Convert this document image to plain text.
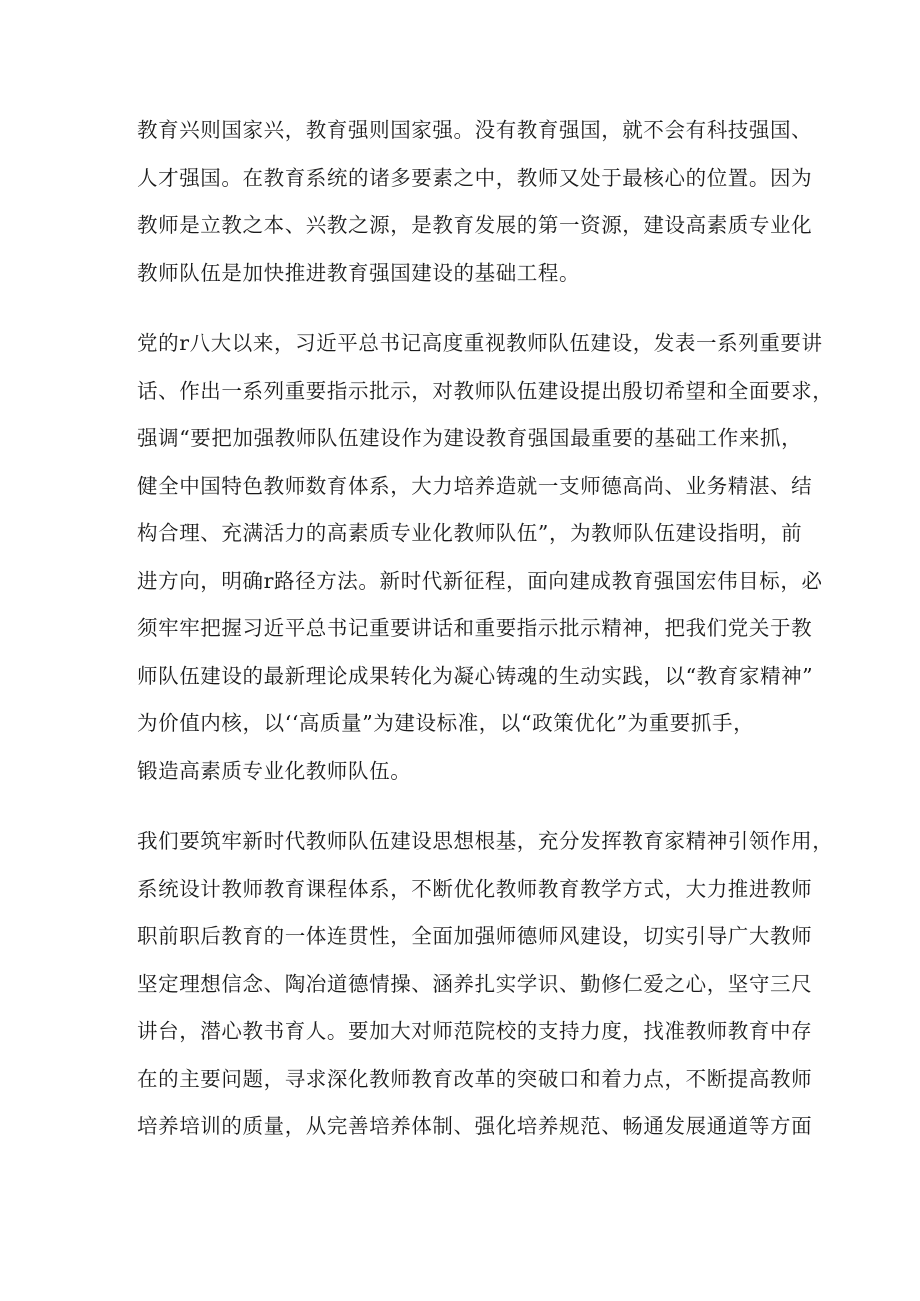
教育兴则国家兴，教育强则国家强。没有教育强国，就不会有科技强国、
人才强国。在教育系统的诸多要素之中，教师又处于最核心的位置。因为
教师是立教之本、兴教之源，是教育发展的第一资源，建设高素质专业化
教师队伍是加快推进教育强国建设的基础工程。
党的r八大以来，习近平总书记高度重视教师队伍建设，发表一系列重要讲
话、作出一系列重要指示批示，对教师队伍建设提出殷切希望和全面要求，
强调“要把加强教师队伍建设作为建设教育强国最重要的基础工作来抓，
健全中国特色教师数育体系，大力培养造就一支师德高尚、业务精湛、结
构合理、充满活力的高素质专业化教师队伍”，为教师队伍建设指明，前
进方向，明确r路径方法。新时代新征程，面向建成教育强国宏伟目标，必
须牢牢把握习近平总书记重要讲话和重要指示批示精神，把我们党关于教
师队伍建设的最新理论成果转化为凝心铸魂的生动实践，以“教育家精神”
为价值内核，以‘‘高质量”为建设标准，以“政策优化”为重要抓手，
锻造高素质专业化教师队伍。
我们要筑牢新时代教师队伍建设思想根基，充分发挥教育家精神引领作用，
系统设计教师教育课程体系，不断优化教师教育教学方式，大力推进教师
职前职后教育的一体连贯性，全面加强师德师风建设，切实引导广大教师
坚定理想信念、陶冶道德情操、涵养扎实学识、勤修仁爱之心，坚守三尺
讲台，潜心教书育人。要加大对师范院校的支持力度，找准教师教育中存
在的主要问题，寻求深化教师教育改革的突破口和着力点，不断提高教师
培养培训的质量，从完善培养体制、强化培养规范、畅通发展通道等方面
